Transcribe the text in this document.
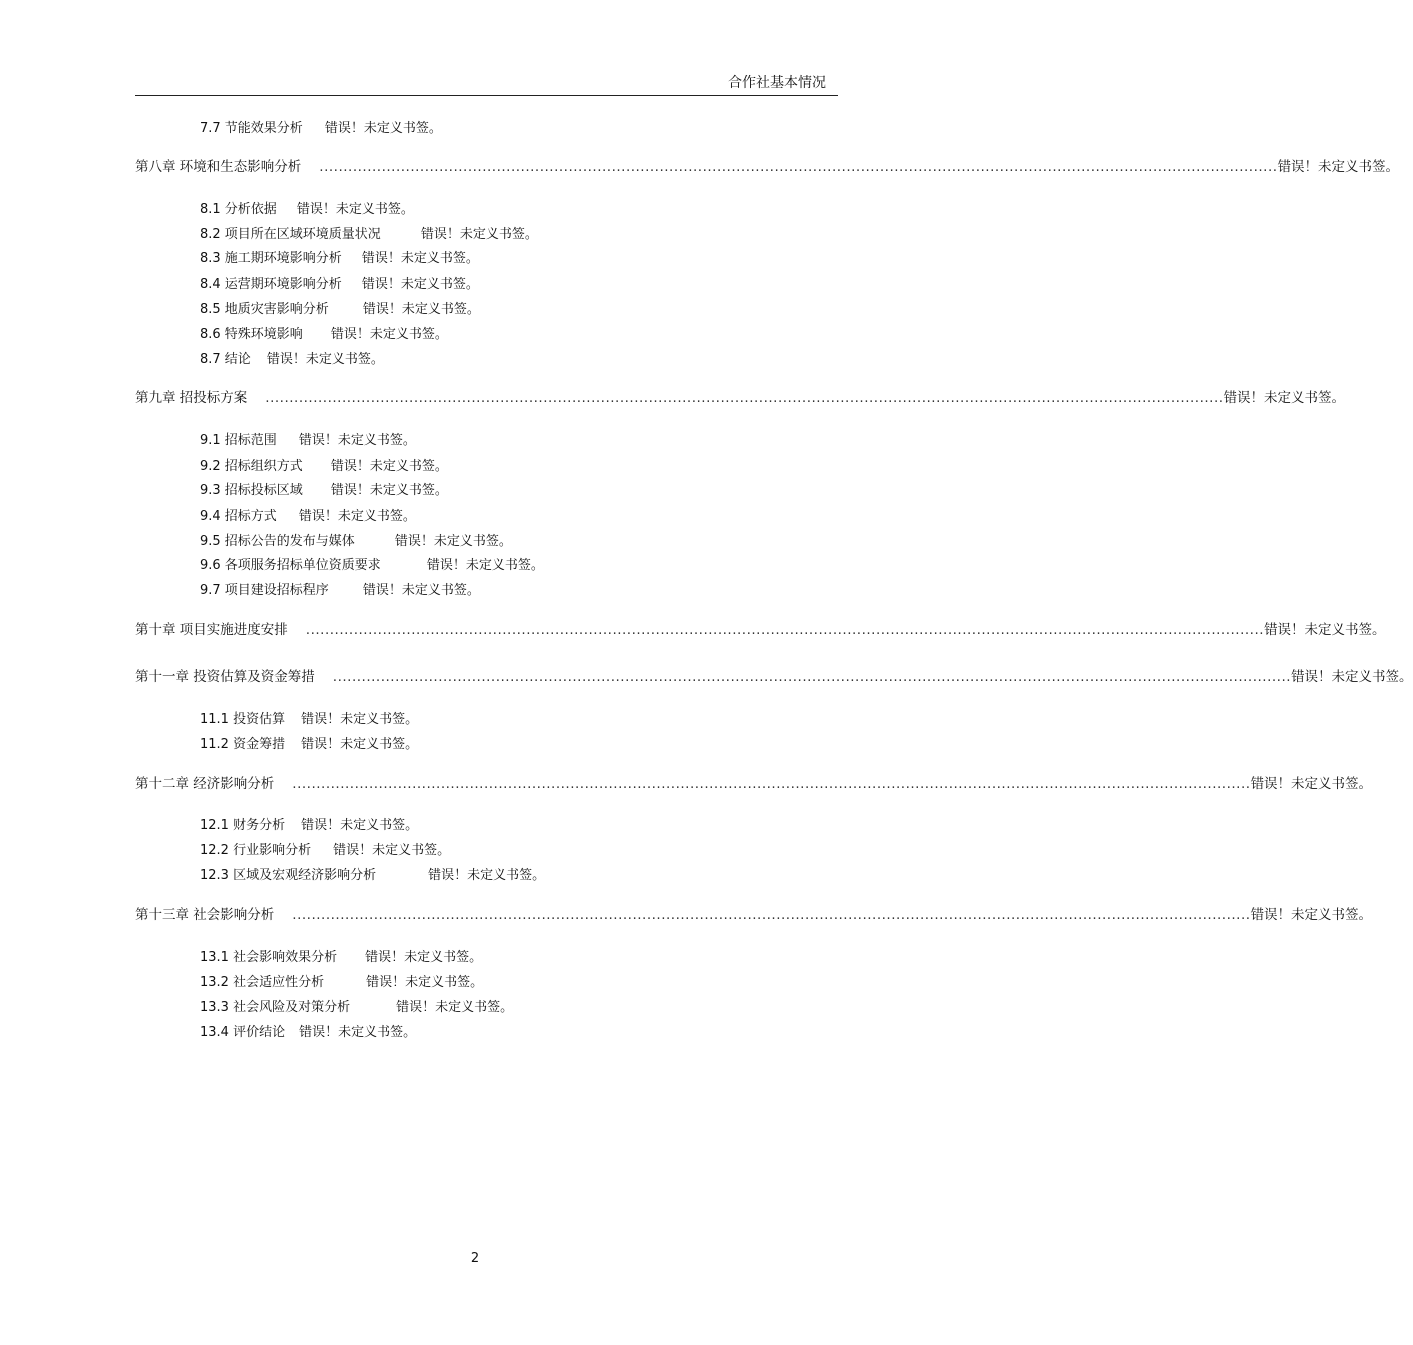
合作社基本情况
7.7 节能效果分析 错误！未定义书签。
第八章 环境和生态影响分析 ........................................................................................................................................................................................................ 错误！未定义书签。
8.1 分析依据 错误！未定义书签。
8.2 项目所在区域环境质量状况	错误！未定义书签。
8.3 施工期环境影响分析 错误！未定义书签。
8.4 运营期环境影响分析 错误！未定义书签。
8.5 地质灾害影响分析	错误！未定义书签。
8.6 特殊环境影响 错误！未定义书签。
8.7 结论 错误！未定义书签。
第九章 招投标方案 ........................................................................................................................................................................................................ 错误！未定义书签。
9.1 招标范围 错误！未定义书签。
9.2 招标组织方式 错误！未定义书签。
9.3 招标投标区域 错误！未定义书签。
9.4 招标方式 错误！未定义书签。
9.5 招标公告的发布与媒体	错误！未定义书签。
9.6 各项服务招标单位资质要求	错误！未定义书签。
9.7 项目建设招标程序	错误！未定义书签。
第十章 项目实施进度安排 ........................................................................................................................................................................................................ 错误！未定义书签。
第十一章 投资估算及资金筹措 ........................................................................................................................................................................................................ 错误！未定义书签。
11.1 投资估算 错误！未定义书签。
11.2 资金筹措 错误！未定义书签。
第十二章 经济影响分析 ........................................................................................................................................................................................................ 错误！未定义书签。
12.1 财务分析 错误！未定义书签。
12.2 行业影响分析 错误！未定义书签。
12.3 区域及宏观经济影响分析	错误！未定义书签。
第十三章 社会影响分析 ........................................................................................................................................................................................................ 错误！未定义书签。
13.1 社会影响效果分析 错误！未定义书签。
13.2 社会适应性分析	错误！未定义书签。
13.3 社会风险及对策分析	错误！未定义书签。
13.4 评价结论 错误！未定义书签。
2
